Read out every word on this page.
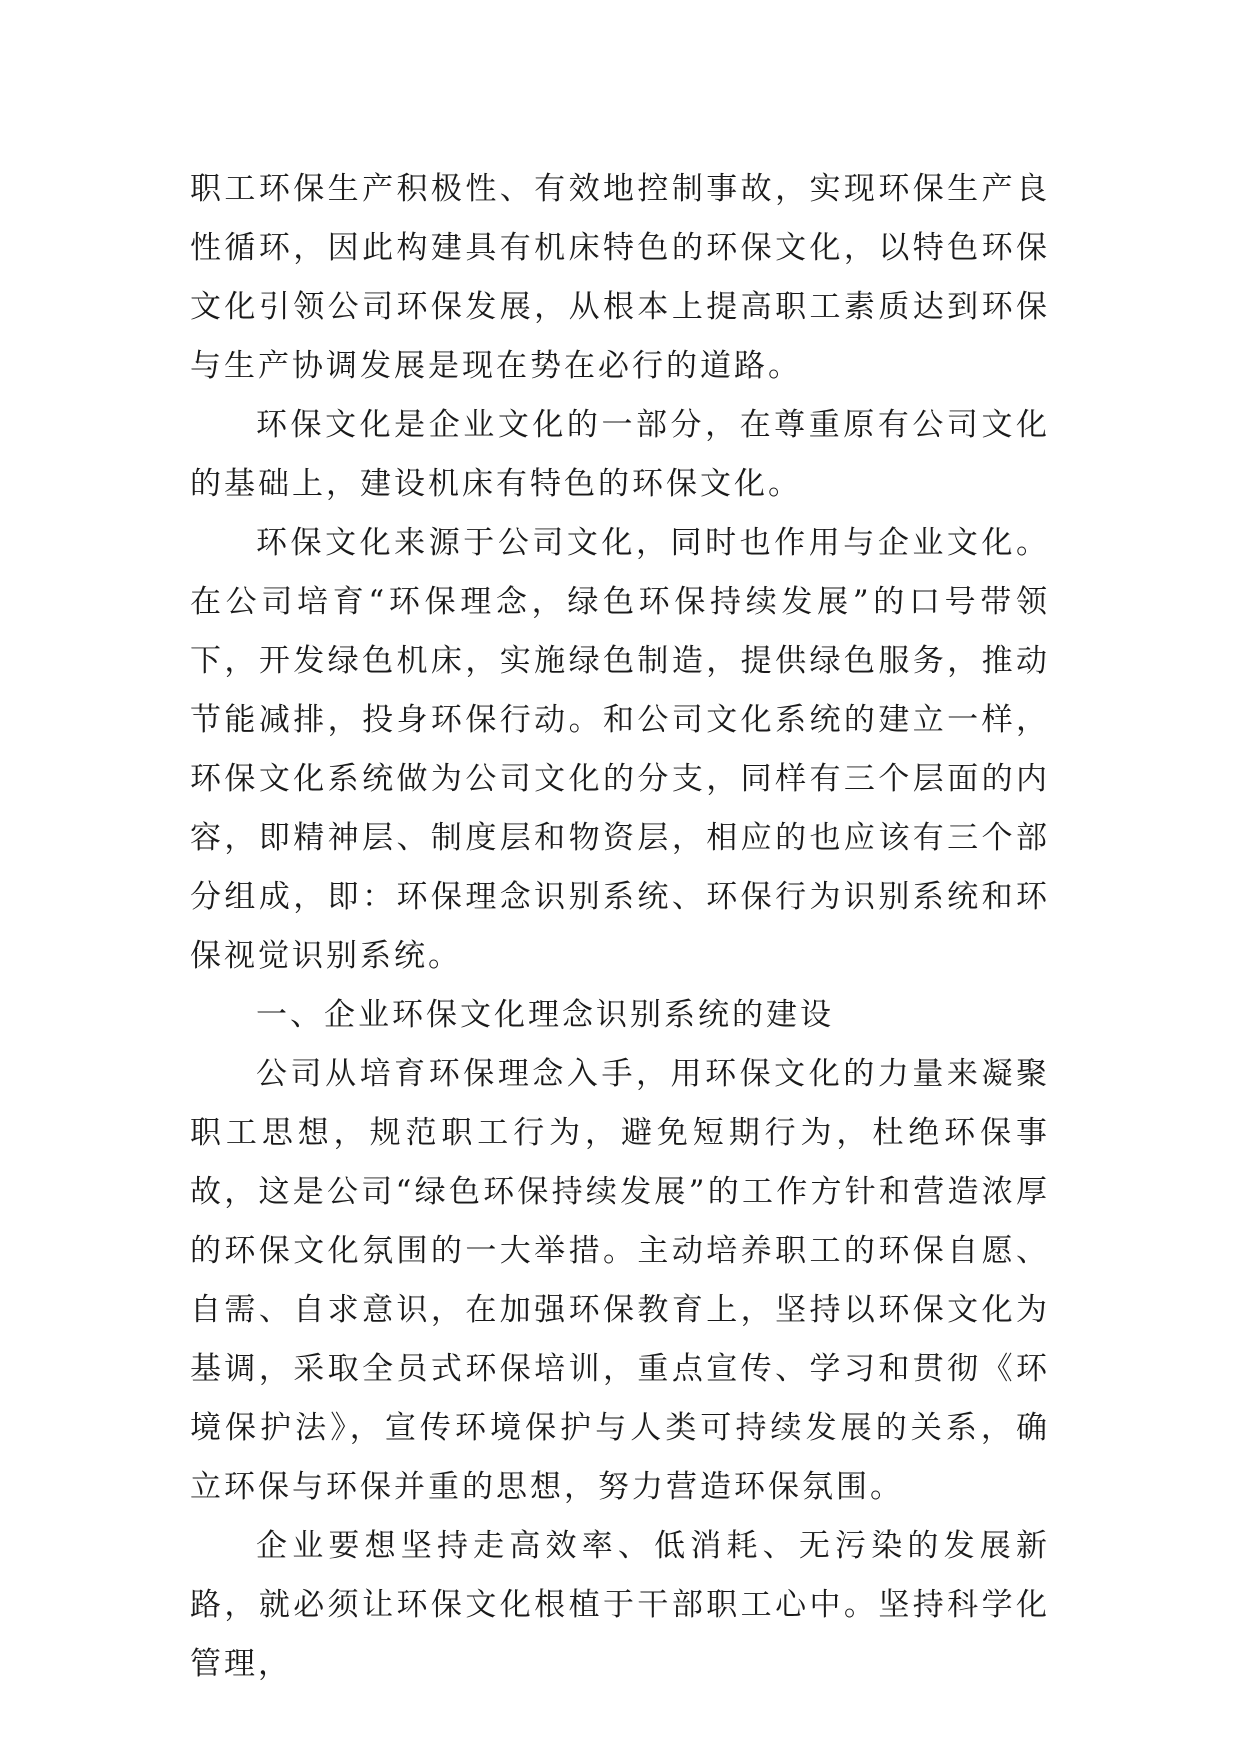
职工环保生产积极性、有效地控制事故，实现环保生产良性循环，因此构建具有机床特色的环保文化，以特色环保文化引领公司环保发展，从根本上提高职工素质达到环保与生产协调发展是现在势在必行的道路。

环保文化是企业文化的一部分，在尊重原有公司文化的基础上，建设机床有特色的环保文化。

环保文化来源于公司文化，同时也作用与企业文化。在公司培育“环保理念，绿色环保持续发展”的口号带领下，开发绿色机床，实施绿色制造，提供绿色服务，推动节能减排，投身环保行动。和公司文化系统的建立一样，环保文化系统做为公司文化的分支，同样有三个层面的内容，即精神层、制度层和物资层，相应的也应该有三个部分组成，即：环保理念识别系统、环保行为识别系统和环保视觉识别系统。

一、企业环保文化理念识别系统的建设

公司从培育环保理念入手，用环保文化的力量来凝聚职工思想，规范职工行为，避免短期行为，杜绝环保事故，这是公司“绿色环保持续发展”的工作方针和营造浓厚的环保文化氛围的一大举措。主动培养职工的环保自愿、自需、自求意识，在加强环保教育上，坚持以环保文化为基调，采取全员式环保培训，重点宣传、学习和贯彻《环境保护法》，宣传环境保护与人类可持续发展的关系，确立环保与环保并重的思想，努力营造环保氛围。

企业要想坚持走高效率、低消耗、无污染的发展新路，就必须让环保文化根植于干部职工心中。坚持科学化管理，
